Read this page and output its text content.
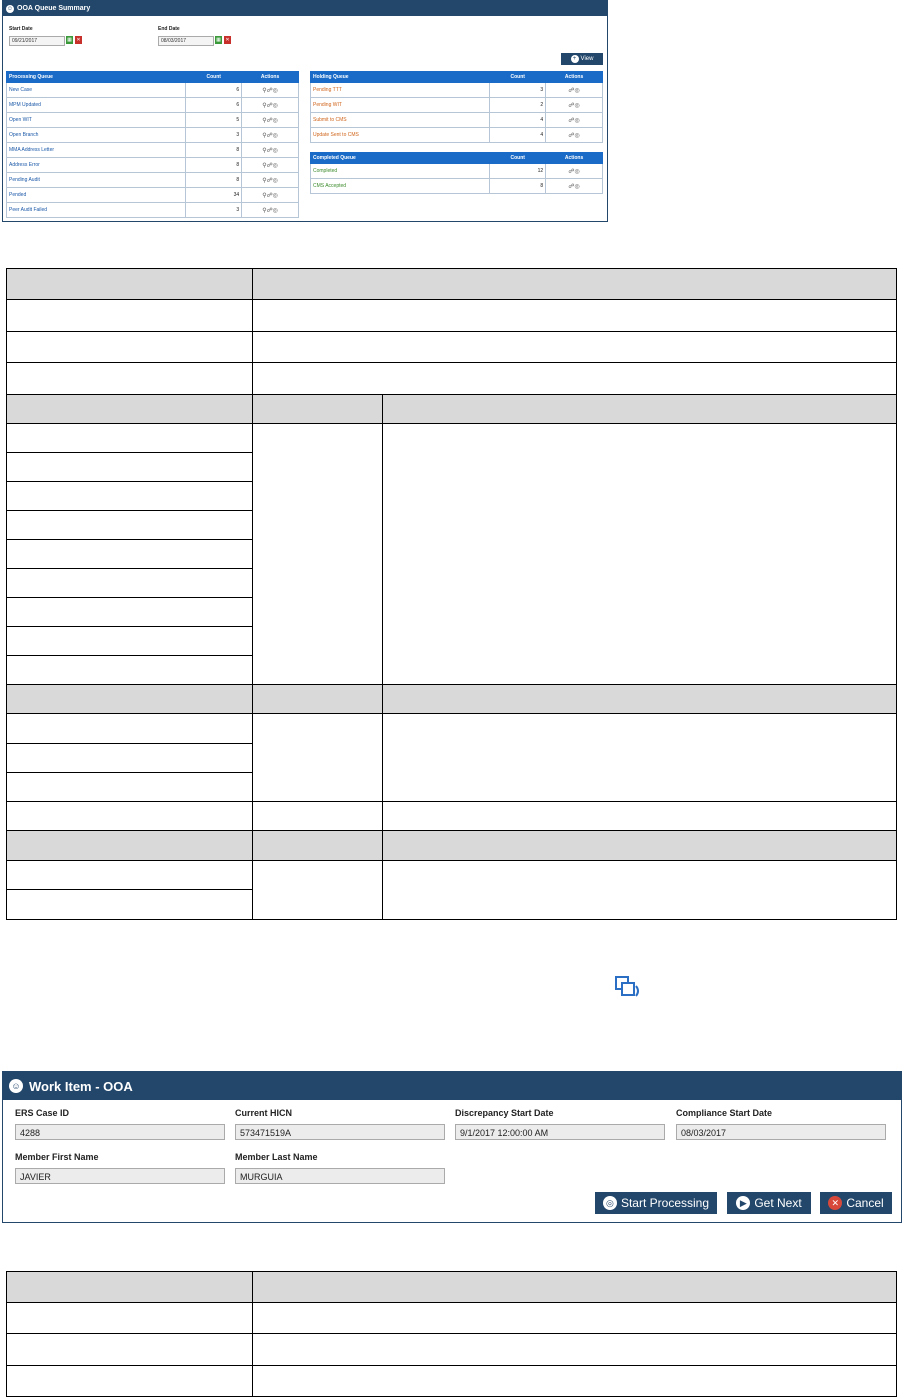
☺ OOA Queue Summary
Start Date
09/21/2017	▦ ✕
End Date
08/03/2017	▦ ✕
+ View
Processing Queue	Count	Actions
New Case	6	⚲☍◎
MPM Updated	6	⚲☍◎
Open WIT	5	⚲☍◎
Open Branch	3	⚲☍◎
MMA Address Letter	8	⚲☍◎
Address Error	8	⚲☍◎
Pending Audit	8	⚲☍◎
Pended	34	⚲☍◎
Peer Audit Failed	3	⚲☍◎
Holding Queue	Count	Actions
Pending TTT	3	☍◎
Pending WIT	2	☍◎
Submit to CMS	4	☍◎
Update Sent to CMS	4	☍◎
Completed Queue	Count	Actions
Completed	12	☍◎
CMS Accepted	8	☍◎

☺ Work Item - OOA
ERS Case ID
4288
Current HICN
573471519A
Discrepancy Start Date
9/1/2017 12:00:00 AM
Compliance Start Date
08/03/2017
Member First Name
JAVIER
Member Last Name
MURGUIA
◎ Start Processing	▶ Get Next	✕ Cancel
